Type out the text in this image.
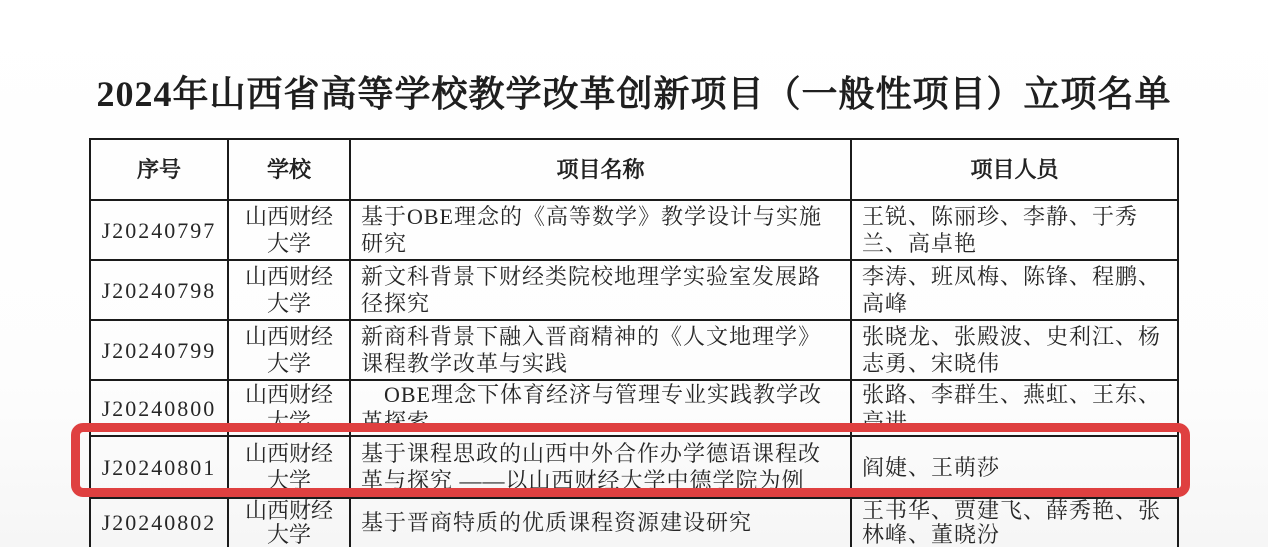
2024年山西省高等学校教学改革创新项目（一般性项目）立项名单
序号	学校	项目名称	项目人员
J20240797	山西财经大学	基于OBE理念的《高等数学》教学设计与实施研究	王锐、陈丽珍、李静、于秀兰、高卓艳
J20240798	山西财经大学	新文科背景下财经类院校地理学实验室发展路径探究	李涛、班凤梅、陈锋、程鹏、高峰
J20240799	山西财经大学	新商科背景下融入晋商精神的《人文地理学》课程教学改革与实践	张晓龙、张殿波、史利江、杨志勇、宋晓伟
J20240800	山西财经大学	　OBE理念下体育经济与管理专业实践教学改革探索	张路、李群生、燕虹、王东、高进
J20240801	山西财经大学	基于课程思政的山西中外合作办学德语课程改革与探究 ——以山西财经大学中德学院为例	阎婕、王萌莎
J20240802	山西财经大学	基于晋商特质的优质课程资源建设研究	王书华、贾建飞、薛秀艳、张林峰、董晓汾
